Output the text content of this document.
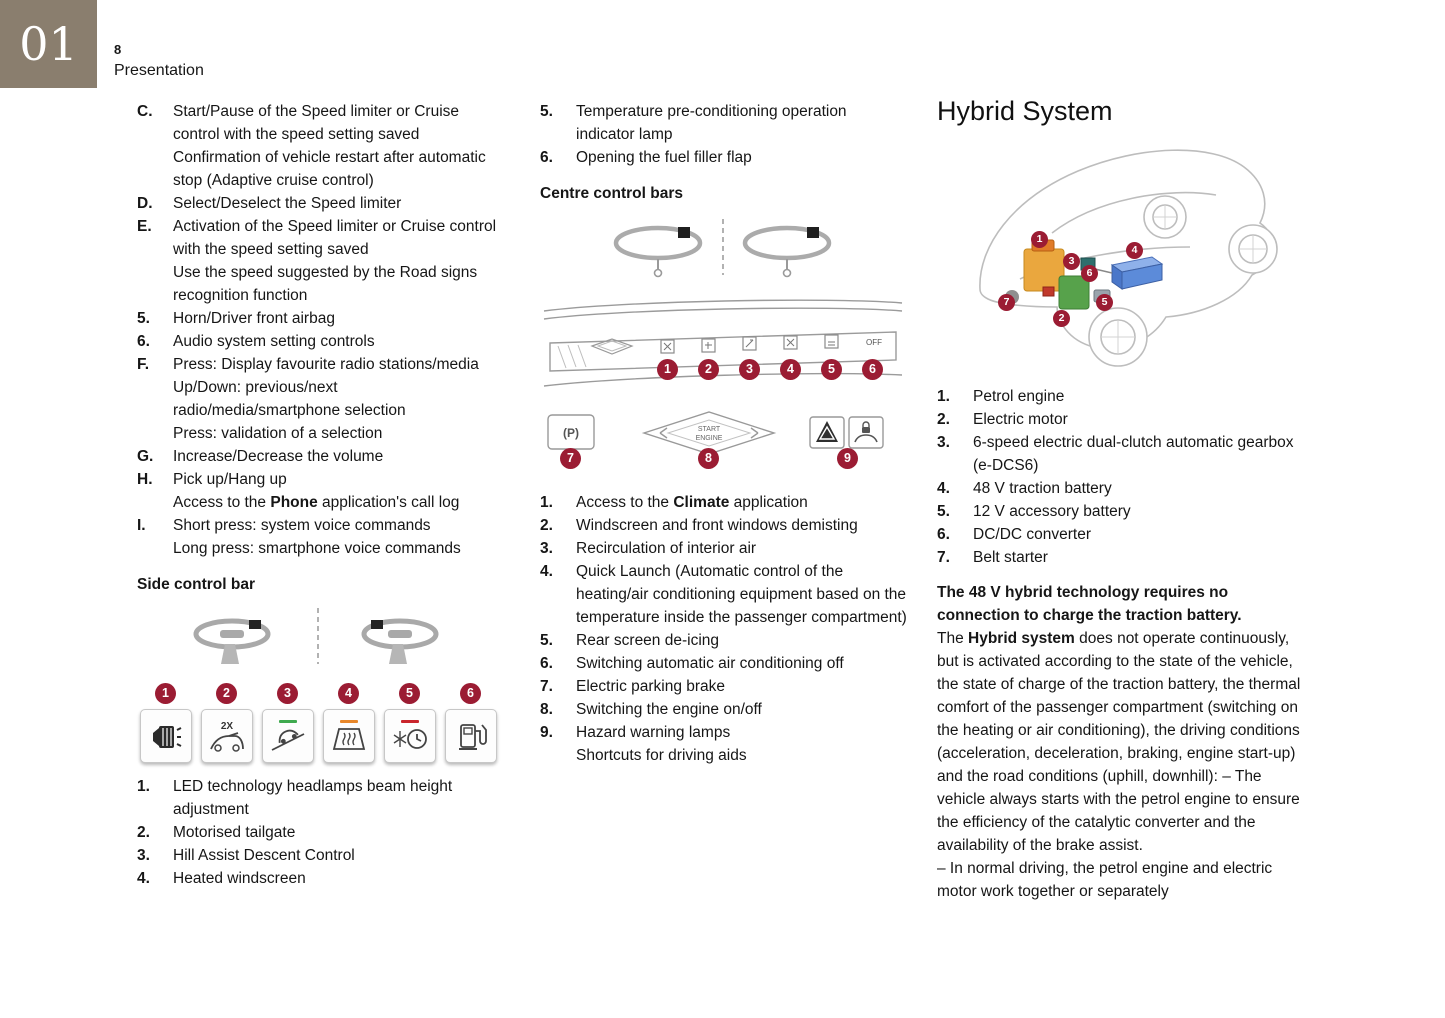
01	8
Presentation
C.	Start/Pause of the Speed limiter or Cruise control with the speed setting saved
Confirmation of vehicle restart after automatic stop (Adaptive cruise control)
D.	Select/Deselect the Speed limiter
E.	Activation of the Speed limiter or Cruise control with the speed setting saved
Use the speed suggested by the Road signs recognition function
5.	Horn/Driver front airbag
6.	Audio system setting controls
F.	Press: Display favourite radio stations/media
Up/Down: previous/next radio/media/smartphone selection
Press: validation of a selection
G.	Increase/Decrease the volume
H.	Pick up/Hang up
Access to the Phone application's call log
I.	Short press: system voice commands
Long press: smartphone voice commands
Side control bar
1	2	3	4	5	6
2X
1.	LED technology headlamps beam height adjustment
2.	Motorised tailgate
3.	Hill Assist Descent Control
4.	Heated windscreen
5.	Temperature pre-conditioning operation indicator lamp
6.	Opening the fuel filler flap
Centre control bars
OFF
(P)	START
ENGINE
1	2	3	4	5	6
7	8	9
1.	Access to the Climate application
2.	Windscreen and front windows demisting
3.	Recirculation of interior air
4.	Quick Launch (Automatic control of the heating/air conditioning equipment based on the temperature inside the passenger compartment)
5.	Rear screen de-icing
6.	Switching automatic air conditioning off
7.	Electric parking brake
8.	Switching the engine on/off
9.	Hazard warning lamps
Shortcuts for driving aids
Hybrid System
1
2
3
4
5
6
7
1.	Petrol engine
2.	Electric motor
3.	6-speed electric dual-clutch automatic gearbox (e-DCS6)
4.	48 V traction battery
5.	12 V accessory battery
6.	DC/DC converter
7.	Belt starter
The 48 V hybrid technology requires no connection to charge the traction battery.
The Hybrid system does not operate continuously, but is activated according to the state of the vehicle, the state of charge of the traction battery, the thermal comfort of the passenger compartment (switching on the heating or air conditioning), the driving conditions (acceleration, deceleration, braking, engine start-up) and the road conditions (uphill, downhill): – The vehicle always starts with the petrol engine to ensure the efficiency of the catalytic converter and the availability of the brake assist.
– In normal driving, the petrol engine and electric motor work together or separately
